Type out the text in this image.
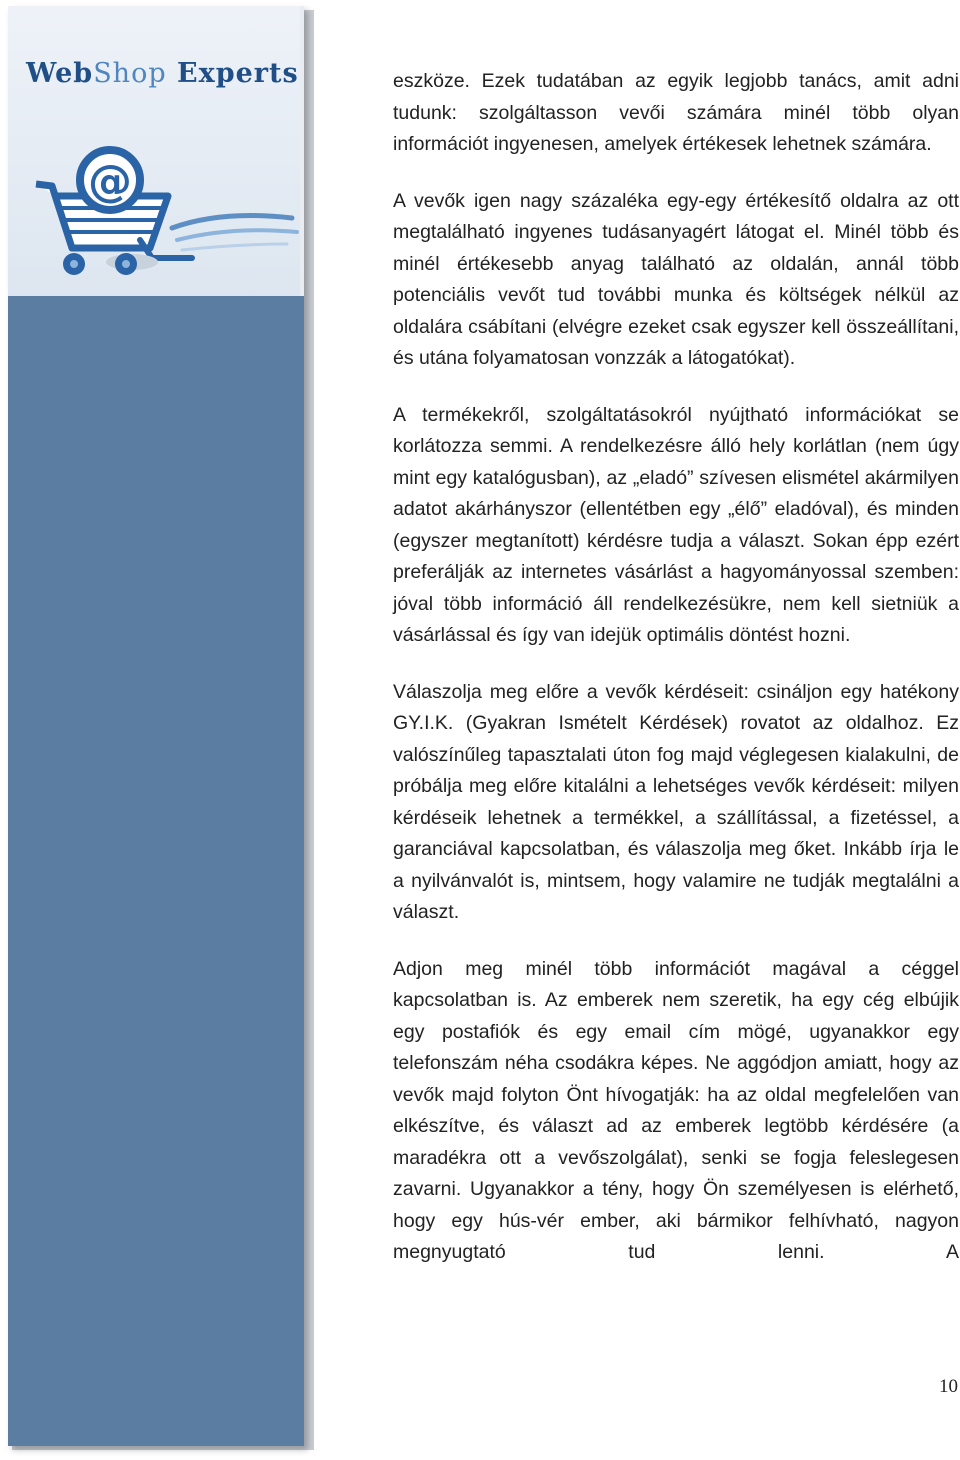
WebShop Experts
@

eszköze. Ezek tudatában az egyik legjobb tanács, amit adni tudunk: szolgáltasson vevői számára minél több olyan információt ingyenesen, amelyek értékesek lehetnek számára.

A vevők igen nagy százaléka egy-egy értékesítő oldalra az ott megtalálható ingyenes tudásanyagért látogat el. Minél több és minél értékesebb anyag található az oldalán, annál több potenciális vevőt tud további munka és költségek nélkül az oldalára csábítani (elvégre ezeket csak egyszer kell összeállítani, és utána folyamatosan vonzzák a látogatókat).

A termékekről, szolgáltatásokról nyújtható információkat se korlátozza semmi. A rendelkezésre álló hely korlátlan (nem úgy mint egy katalógusban), az „eladó” szívesen elismétel akármilyen adatot akárhányszor (ellentétben egy „élő” eladóval), és minden (egyszer megtanított) kérdésre tudja a választ. Sokan épp ezért preferálják az internetes vásárlást a hagyományossal szemben: jóval több információ áll rendelkezésükre, nem kell sietniük a vásárlással és így van idejük optimális döntést hozni.

Válaszolja meg előre a vevők kérdéseit: csináljon egy hatékony GY.I.K. (Gyakran Ismételt Kérdések) rovatot az oldalhoz. Ez valószínűleg tapasztalati úton fog majd véglegesen kialakulni, de próbálja meg előre kitalálni a lehetséges vevők kérdéseit: milyen kérdéseik lehetnek a termékkel, a szállítással, a fizetéssel, a garanciával kapcsolatban, és válaszolja meg őket. Inkább írja le a nyilvánvalót is, mintsem, hogy valamire ne tudják megtalálni a választ.

Adjon meg minél több információt magával a céggel kapcsolatban is. Az emberek nem szeretik, ha egy cég elbújik egy postafiók és egy email cím mögé, ugyanakkor egy telefonszám néha csodákra képes. Ne aggódjon amiatt, hogy az vevők majd folyton Önt hívogatják: ha az oldal megfelelően van elkészítve, és választ ad az emberek legtöbb kérdésére (a maradékra ott a vevőszolgálat), senki se fogja feleslegesen zavarni. Ugyanakkor a tény, hogy Ön személyesen is elérhető, hogy egy hús-vér ember, aki bármikor felhívható, nagyon megnyugtató tud lenni. A

10
